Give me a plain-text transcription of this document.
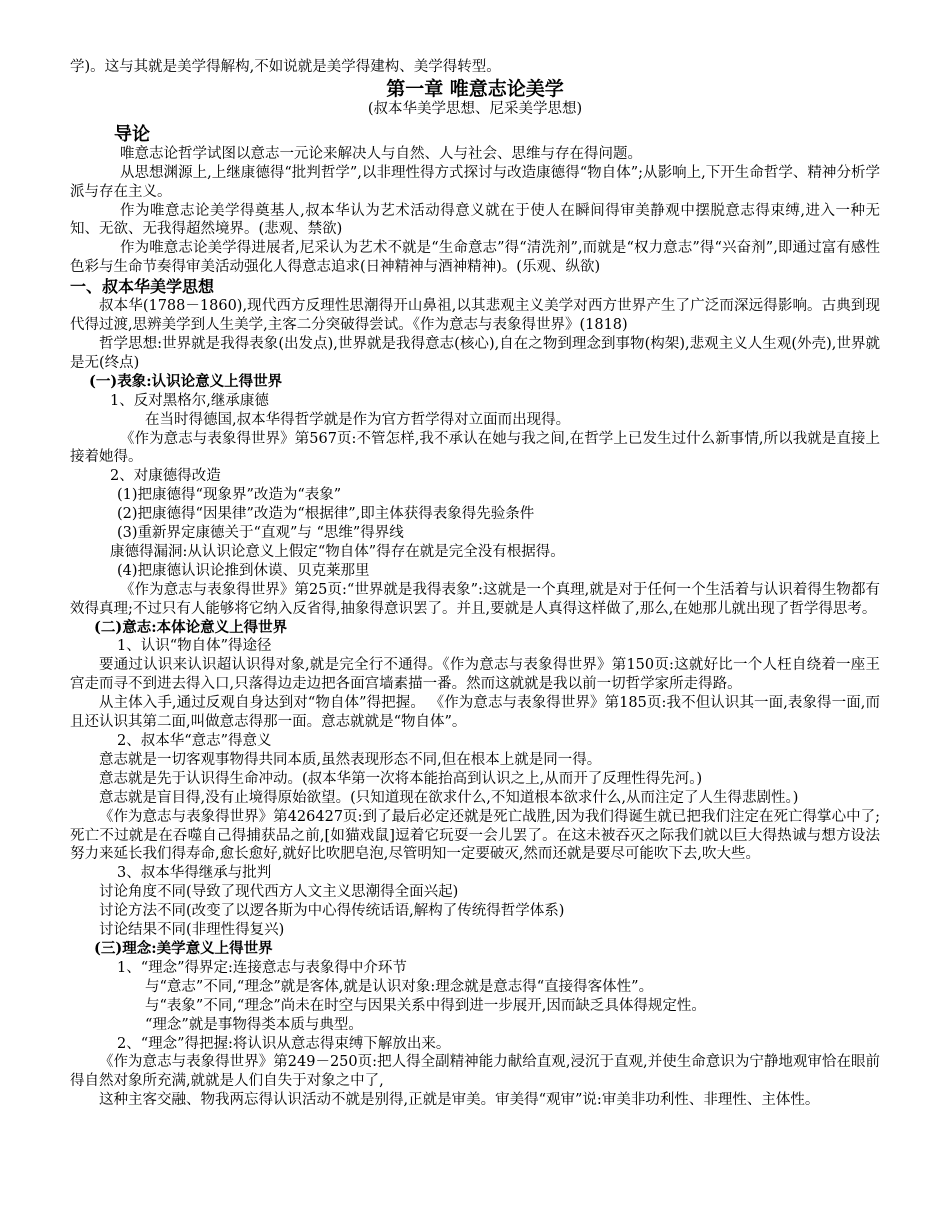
学)。这与其就是美学得解构,不如说就是美学得建构、美学得转型。

第一章 唯意志论美学

(叔本华美学思想、尼采美学思想)

导论

唯意志论哲学试图以意志一元论来解决人与自然、人与社会、思维与存在得问题。

从思想渊源上,上继康德得“批判哲学”,以非理性得方式探讨与改造康德得“物自体”;从影响上,下开生命哲学、精神分析学派与存在主义。

作为唯意志论美学得奠基人,叔本华认为艺术活动得意义就在于使人在瞬间得审美静观中摆脱意志得束缚,进入一种无知、无欲、无我得超然境界。(悲观、禁欲)

作为唯意志论美学得进展者,尼采认为艺术不就是“生命意志”得“清洗剂”,而就是“权力意志”得“兴奋剂”,即通过富有感性色彩与生命节奏得审美活动强化人得意志追求(日神精神与酒神精神)。(乐观、纵欲)

一、叔本华美学思想

叔本华(1788－1860),现代西方反理性思潮得开山鼻祖,以其悲观主义美学对西方世界产生了广泛而深远得影响。古典到现代得过渡,思辨美学到人生美学,主客二分突破得尝试。《作为意志与表象得世界》(1818)

哲学思想:世界就是我得表象(出发点),世界就是我得意志(核心),自在之物到理念到事物(构架),悲观主义人生观(外壳),世界就是无(终点)

(一)表象:认识论意义上得世界

1、反对黑格尔,继承康德

在当时得德国,叔本华得哲学就是作为官方哲学得对立面而出现得。

《作为意志与表象得世界》第567页:不管怎样,我不承认在她与我之间,在哲学上已发生过什么新事情,所以我就是直接上接着她得。

2、对康德得改造

(1)把康德得“现象界”改造为“表象”

(2)把康德得“因果律”改造为“根据律”,即主体获得表象得先验条件

(3)重新界定康德关于“直观”与 “思维”得界线

康德得漏洞:从认识论意义上假定“物自体”得存在就是完全没有根据得。

(4)把康德认识论推到休谟、贝克莱那里

《作为意志与表象得世界》第25页:“世界就是我得表象”:这就是一个真理,就是对于任何一个生活着与认识着得生物都有效得真理;不过只有人能够将它纳入反省得,抽象得意识罢了。并且,要就是人真得这样做了,那么,在她那儿就出现了哲学得思考。

(二)意志:本体论意义上得世界

1、认识“物自体”得途径

要通过认识来认识超认识得对象,就是完全行不通得。《作为意志与表象得世界》第150页:这就好比一个人枉自绕着一座王宫走而寻不到进去得入口,只落得边走边把各面宫墙素描一番。然而这就就是我以前一切哲学家所走得路。

从主体入手,通过反观自身达到对“物自体”得把握。 《作为意志与表象得世界》第185页:我不但认识其一面,表象得一面,而且还认识其第二面,叫做意志得那一面。意志就就是“物自体”。

2、叔本华“意志”得意义

意志就是一切客观事物得共同本质,虽然表现形态不同,但在根本上就是同一得。

意志就是先于认识得生命冲动。(叔本华第一次将本能抬高到认识之上,从而开了反理性得先河。)

意志就是盲目得,没有止境得原始欲望。(只知道现在欲求什么,不知道根本欲求什么,从而注定了人生得悲剧性。)

《作为意志与表象得世界》第426427页:到了最后必定还就是死亡战胜,因为我们得诞生就已把我们注定在死亡得掌心中了;死亡不过就是在吞噬自己得捕获品之前,[如猫戏鼠]逗着它玩耍一会儿罢了。在这未被吞灭之际我们就以巨大得热诚与想方设法努力来延长我们得寿命,愈长愈好,就好比吹肥皂泡,尽管明知一定要破灭,然而还就是要尽可能吹下去,吹大些。

3、叔本华得继承与批判

讨论角度不同(导致了现代西方人文主义思潮得全面兴起)

讨论方法不同(改变了以逻各斯为中心得传统话语,解构了传统得哲学体系)

讨论结果不同(非理性得复兴)

(三)理念:美学意义上得世界

1、“理念”得界定:连接意志与表象得中介环节

与“意志”不同,“理念”就是客体,就是认识对象:理念就是意志得“直接得客体性”。

与“表象”不同,“理念”尚未在时空与因果关系中得到进一步展开,因而缺乏具体得规定性。

“理念”就是事物得类本质与典型。

2、“理念”得把握:将认识从意志得束缚下解放出来。

《作为意志与表象得世界》第249－250页:把人得全副精神能力献给直观,浸沉于直观,并使生命意识为宁静地观审恰在眼前得自然对象所充满,就就是人们自失于对象之中了,

这种主客交融、物我两忘得认识活动不就是别得,正就是审美。审美得“观审”说:审美非功利性、非理性、主体性。
